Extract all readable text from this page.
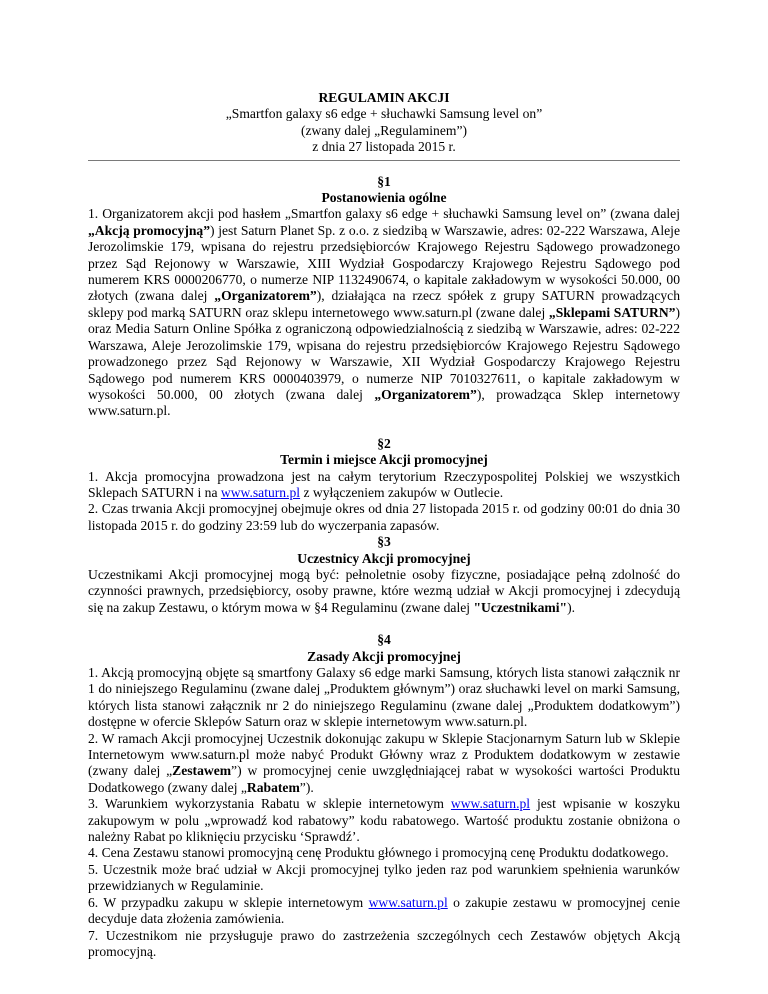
REGULAMIN AKCJI
„Smartfon galaxy s6 edge + słuchawki Samsung level on”
(zwany dalej „Regulaminem”)
z dnia 27 listopada 2015 r.
§1
Postanowienia ogólne

1. Organizatorem akcji pod hasłem „Smartfon galaxy s6 edge + słuchawki Samsung level on” (zwana dalej „Akcją promocyjną”) jest Saturn Planet Sp. z o.o. z siedzibą w Warszawie, adres: 02-222 Warszawa, Aleje Jerozolimskie 179, wpisana do rejestru przedsiębiorców Krajowego Rejestru Sądowego prowadzonego przez Sąd Rejonowy w Warszawie, XIII Wydział Gospodarczy Krajowego Rejestru Sądowego pod numerem KRS 0000206770, o numerze NIP 1132490674, o kapitale zakładowym w wysokości 50.000, 00 złotych (zwana dalej „Organizatorem”), działająca na rzecz spółek z grupy SATURN prowadzących sklepy pod marką SATURN oraz sklepu internetowego www.saturn.pl (zwane dalej „Sklepami SATURN”) oraz Media Saturn Online Spółka z ograniczoną odpowiedzialnością z siedzibą w Warszawie, adres: 02-222 Warszawa, Aleje Jerozolimskie 179, wpisana do rejestru przedsiębiorców Krajowego Rejestru Sądowego prowadzonego przez Sąd Rejonowy w Warszawie, XII Wydział Gospodarczy Krajowego Rejestru Sądowego pod numerem KRS 0000403979, o numerze NIP 7010327611, o kapitale zakładowym w wysokości 50.000, 00 złotych (zwana dalej „Organizatorem”), prowadząca Sklep internetowy www.saturn.pl.

§2
Termin i miejsce Akcji promocyjnej

1. Akcja promocyjna prowadzona jest na całym terytorium Rzeczypospolitej Polskiej we wszystkich Sklepach SATURN i na www.saturn.pl z wyłączeniem zakupów w Outlecie.

2. Czas trwania Akcji promocyjnej obejmuje okres od dnia 27 listopada 2015 r. od godziny 00:01 do dnia 30 listopada 2015 r. do godziny 23:59 lub do wyczerpania zapasów.

§3
Uczestnicy Akcji promocyjnej

Uczestnikami Akcji promocyjnej mogą być: pełnoletnie osoby fizyczne, posiadające pełną zdolność do czynności prawnych, przedsiębiorcy, osoby prawne, które wezmą udział w Akcji promocyjnej i zdecydują się na zakup Zestawu, o którym mowa w §4 Regulaminu (zwane dalej "Uczestnikami").

§4
Zasady Akcji promocyjnej

1. Akcją promocyjną objęte są smartfony Galaxy s6 edge marki Samsung, których lista stanowi załącznik nr 1 do niniejszego Regulaminu (zwane dalej „Produktem głównym”) oraz słuchawki level on marki Samsung, których lista stanowi załącznik nr 2 do niniejszego Regulaminu (zwane dalej „Produktem dodatkowym”) dostępne w ofercie Sklepów Saturn oraz w sklepie internetowym www.saturn.pl.

2. W ramach Akcji promocyjnej Uczestnik dokonując zakupu w Sklepie Stacjonarnym Saturn lub w Sklepie Internetowym www.saturn.pl może nabyć Produkt Główny wraz z Produktem dodatkowym w zestawie (zwany dalej „Zestawem”) w promocyjnej cenie uwzględniającej rabat w wysokości wartości Produktu Dodatkowego (zwany dalej „Rabatem”).

3. Warunkiem wykorzystania Rabatu w sklepie internetowym www.saturn.pl jest wpisanie w koszyku zakupowym w polu „wprowadź kod rabatowy” kodu rabatowego. Wartość produktu zostanie obniżona o należny Rabat po kliknięciu przycisku ‘Sprawdź’.

4. Cena Zestawu stanowi promocyjną cenę Produktu głównego i promocyjną cenę Produktu dodatkowego.

5. Uczestnik może brać udział w Akcji promocyjnej tylko jeden raz pod warunkiem spełnienia warunków przewidzianych w Regulaminie.

6. W przypadku zakupu w sklepie internetowym www.saturn.pl o zakupie zestawu w promocyjnej cenie decyduje data złożenia zamówienia.

7. Uczestnikom nie przysługuje prawo do zastrzeżenia szczególnych cech Zestawów objętych Akcją promocyjną.
